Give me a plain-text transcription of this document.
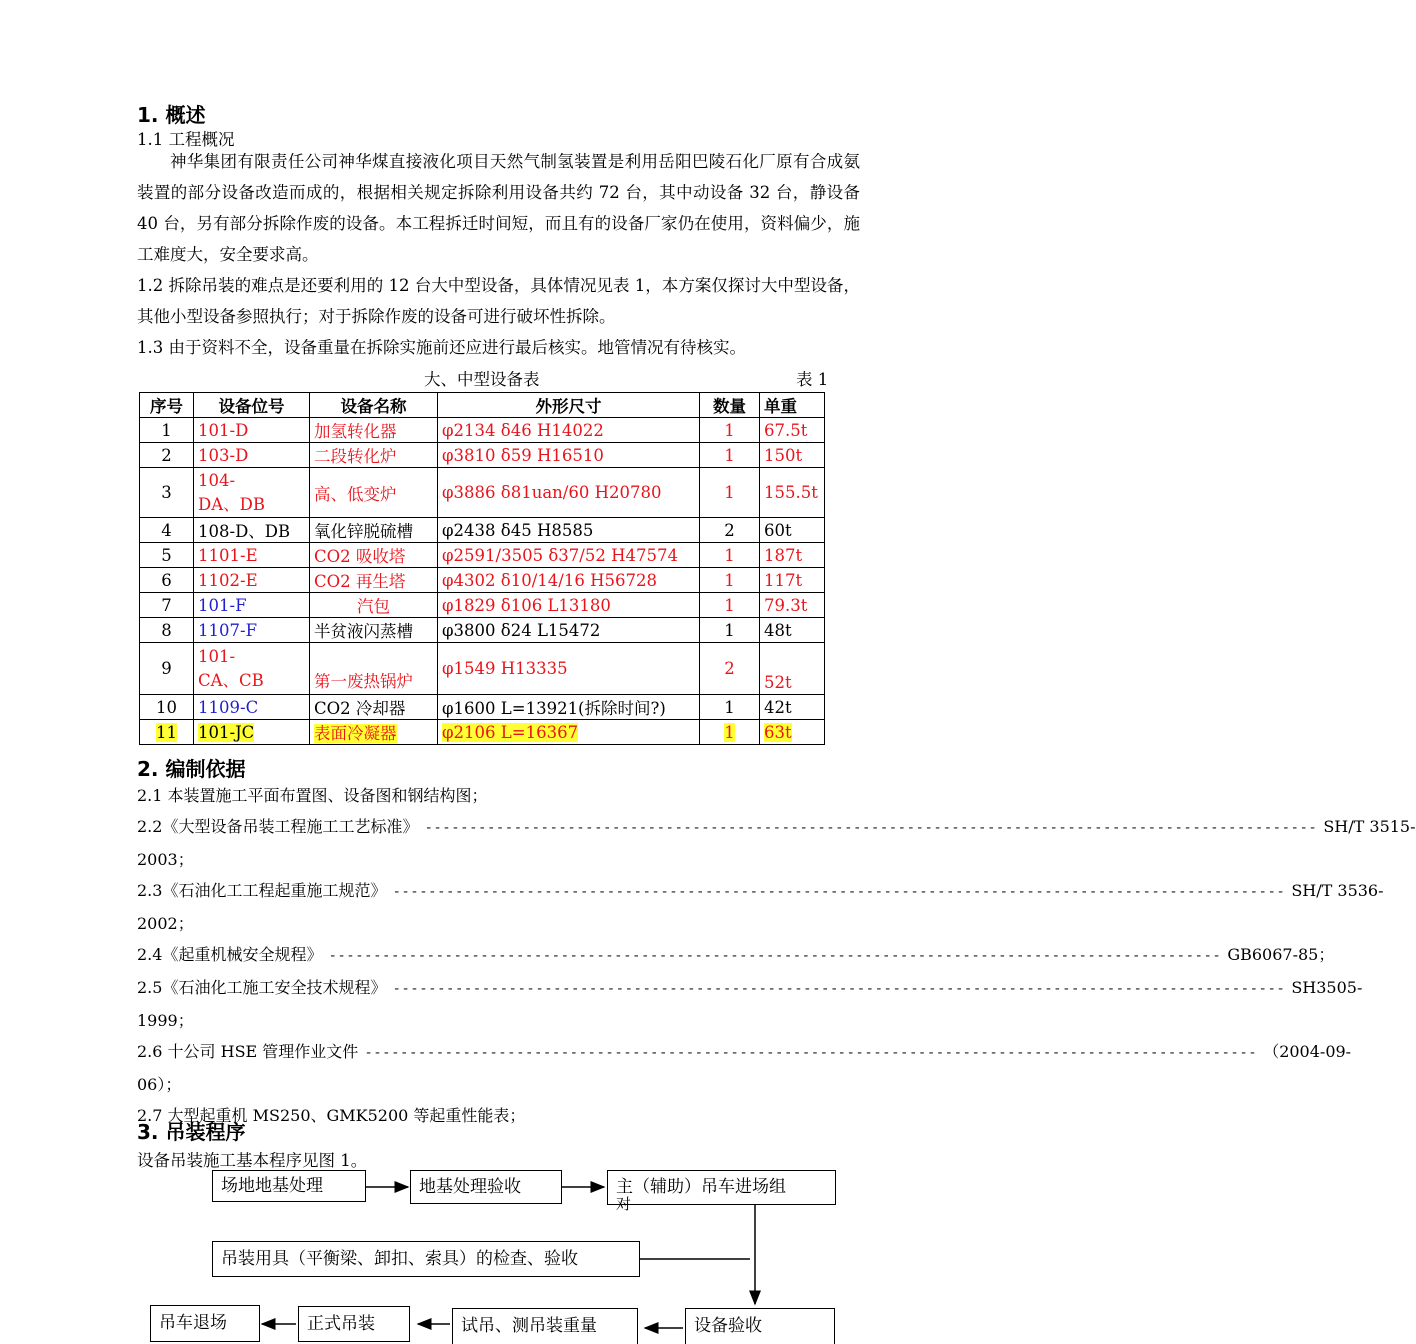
1. 概述
1.1 工程概况
神华集团有限责任公司神华煤直接液化项目天然气制氢装置是利用岳阳巴陵石化厂原有合成氨装置的部分设备改造而成的，根据相关规定拆除利用设备共约 72 台，其中动设备 32 台，静设备 40 台，另有部分拆除作废的设备。本工程拆迁时间短，而且有的设备厂家仍在使用，资料偏少，施工难度大，安全要求高。
1.2 拆除吊装的难点是还要利用的 12 台大中型设备，具体情况见表 1，本方案仅探讨大中型设备，其他小型设备参照执行；对于拆除作废的设备可进行破坏性拆除。
1.3 由于资料不全，设备重量在拆除实施前还应进行最后核实。地管情况有待核实。
大、中型设备表	表 1
序号	设备位号	设备名称	外形尺寸	数量	单重
1	101-D	加氢转化器	φ2134 δ46 H14022	1	67.5t
2	103-D	二段转化炉	φ3810 δ59 H16510	1	150t
3	104-
DA、DB	高、低变炉	φ3886 δ81uan/60 H20780	1	155.5t
4	108-D、DB	氧化锌脱硫槽	φ2438 δ45 H8585	2	60t
5	1101-E	CO2 吸收塔	φ2591/3505 δ37/52 H47574	1	187t
6	1102-E	CO2 再生塔	φ4302 δ10/14/16 H56728	1	117t
7	101-F	汽包	φ1829 δ106 L13180	1	79.3t
8	1107-F	半贫液闪蒸槽	φ3800 δ24 L15472	1	48t
9	101-
CA、CB	第一废热锅炉	φ1549 H13335	2	52t
10	1109-C	CO2 冷却器	φ1600 L=13921(拆除时间?)	1	42t
11	101-JC	表面冷凝器	φ2106 L=16367	1	63t
2. 编制依据
2.1 本装置施工平面布置图、设备图和钢结构图；
2.2《大型设备吊装工程施工工艺标准》 ---------------------------------------------------------------------------------------------------- SH/T 3515-
2003；
2.3《石油化工工程起重施工规范》 ---------------------------------------------------------------------------------------------------- SH/T 3536-
2002；
2.4《起重机械安全规程》 ---------------------------------------------------------------------------------------------------- GB6067-85；
2.5《石油化工施工安全技术规程》 ---------------------------------------------------------------------------------------------------- SH3505-
1999；
2.6 十公司 HSE 管理作业文件 ---------------------------------------------------------------------------------------------------- （2004-09-
06）；
2.7 大型起重机 MS250、GMK5200 等起重性能表；
3. 吊装程序
设备吊装施工基本程序见图 1。
场地地基处理	地基处理验收	主（辅助）吊车进场组
对
吊装用具（平衡梁、卸扣、索具）的检查、验收
设备验收
试吊、测吊装重量
正式吊装
吊车退场
